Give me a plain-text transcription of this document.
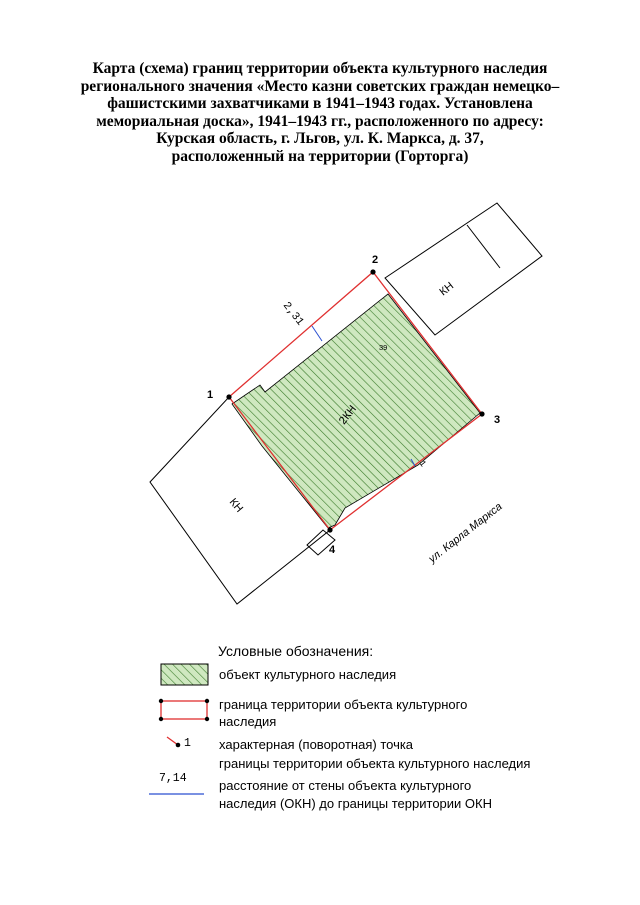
Карта (схема) границ территории объекта культурного наследия
регионального значения «Место казни советских граждан немецко–
фашистскими захватчиками в 1941–1943 годах. Установлена
мемориальная доска», 1941–1943 гг., расположенного по адресу:
Курская область, г. Льгов, ул. К. Маркса, д. 37,
расположенный на территории (Горторга)
1
2
3
4
2,31
1
39
2КН
КН
КН	ул. Карла Маркса
Условные обозначения:
объект культурного наследия
граница территории объекта культурного
наследия
1 характерная (поворотная) точка
границы территории объекта культурного наследия
7,14 расстояние от стены объекта культурного
наследия (ОКН) до границы территории ОКН
